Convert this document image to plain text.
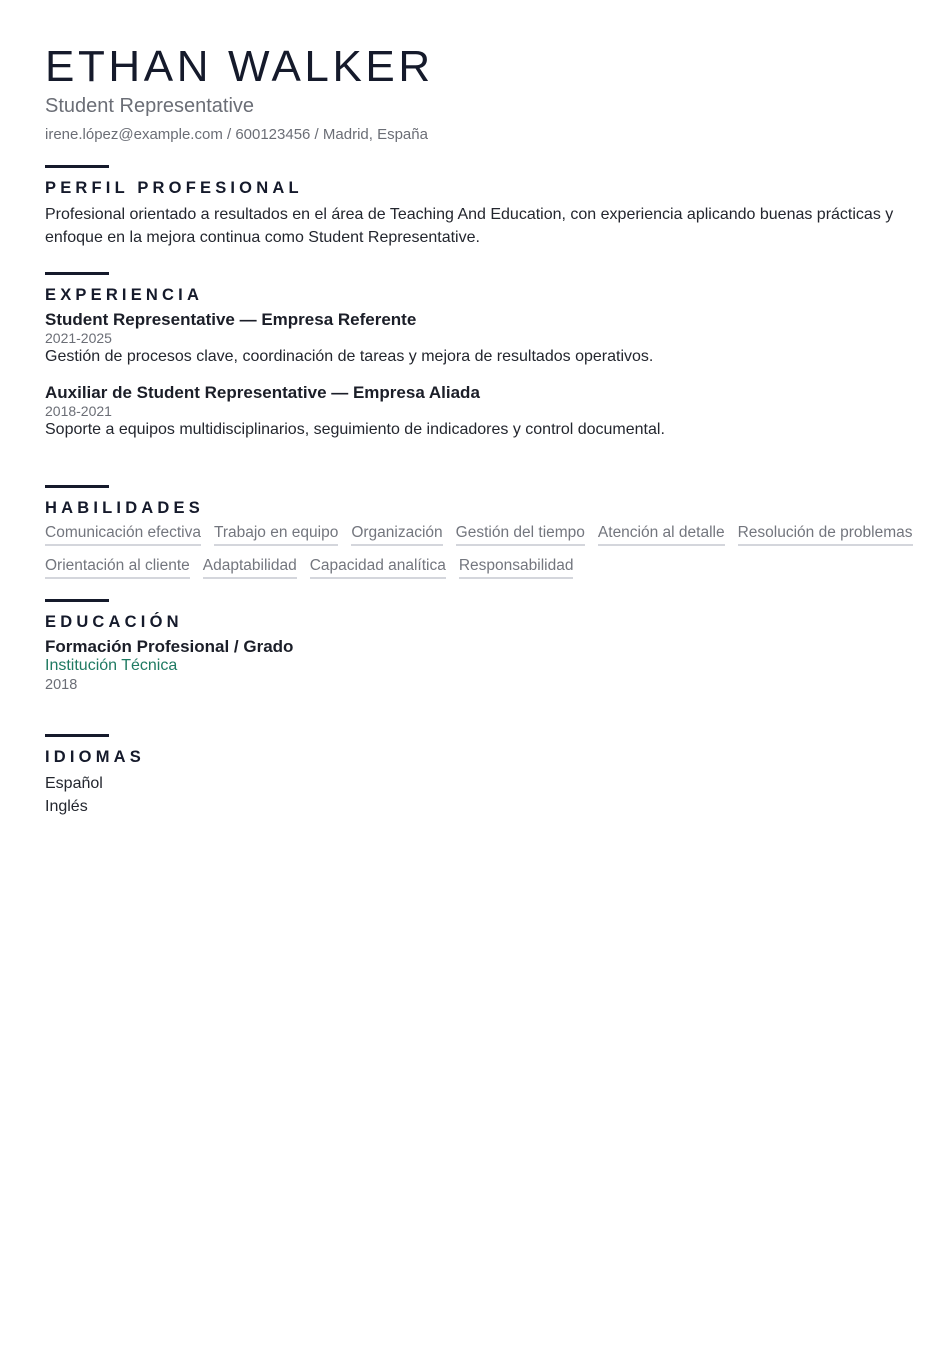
ETHAN WALKER
Student Representative
irene.lópez@example.com / 600123456 / Madrid, España
PERFIL PROFESIONAL
Profesional orientado a resultados en el área de Teaching And Education, con experiencia aplicando buenas prácticas y enfoque en la mejora continua como Student Representative.
EXPERIENCIA
Student Representative — Empresa Referente
2021-2025
Gestión de procesos clave, coordinación de tareas y mejora de resultados operativos.
Auxiliar de Student Representative — Empresa Aliada
2018-2021
Soporte a equipos multidisciplinarios, seguimiento de indicadores y control documental.
HABILIDADES
Comunicación efectiva Trabajo en equipo Organización Gestión del tiempo Atención al detalle Resolución de problemas
Orientación al cliente Adaptabilidad Capacidad analítica Responsabilidad
EDUCACIÓN
Formación Profesional / Grado
Institución Técnica
2018
IDIOMAS
Español
Inglés
